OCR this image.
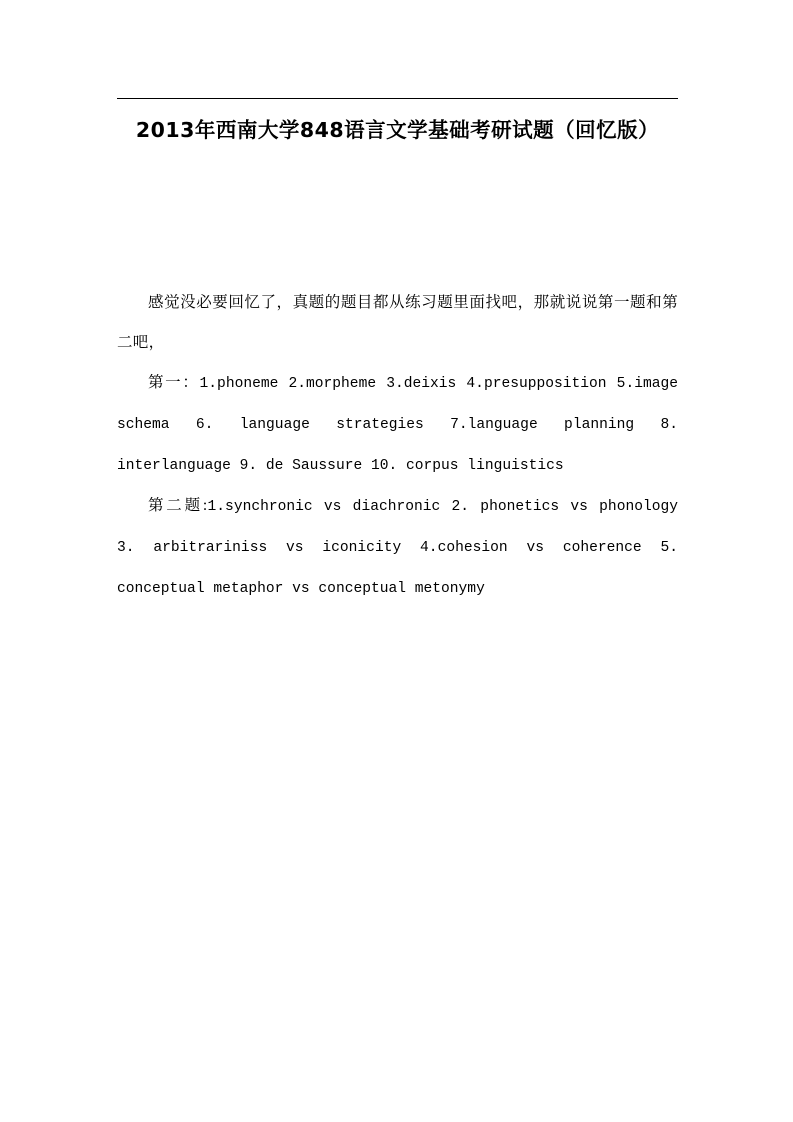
2013年西南大学848语言文学基础考研试题（回忆版）

感觉没必要回忆了，真题的题目都从练习题里面找吧，那就说说第一题和第二吧，

第一：1.phoneme 2.morpheme 3.deixis 4.presupposition 5.image schema 6. language strategies 7.language planning 8. interlanguage 9. de Saussure 10. corpus linguistics

第二题:1.synchronic vs diachronic 2. phonetics vs phonology 3. arbitrariniss vs iconicity 4.cohesion vs coherence 5. conceptual metaphor vs conceptual metonymy
